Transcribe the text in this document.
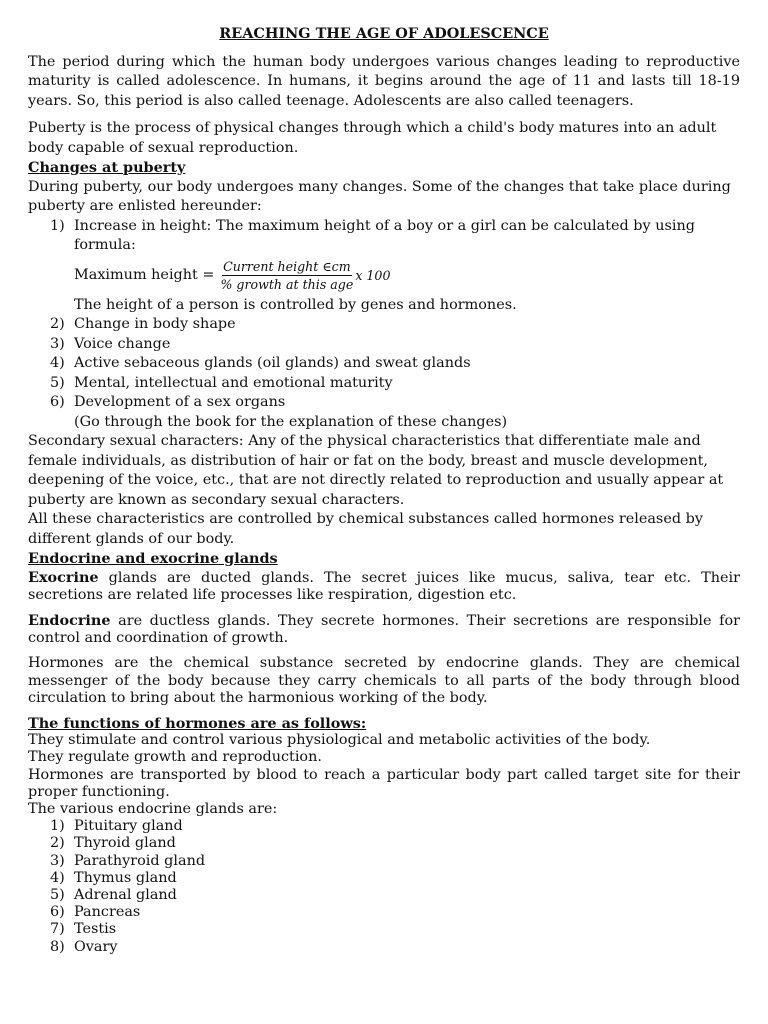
REACHING THE AGE OF ADOLESCENCE

The period during which the human body undergoes various changes leading to reproductive maturity is called adolescence. In humans, it begins around the age of 11 and lasts till 18-19 years. So, this period is also called teenage. Adolescents are also called teenagers.

Puberty is the process of physical changes through which a child's body matures into an adult body capable of sexual reproduction.

Changes at puberty

During puberty, our body undergoes many changes. Some of the changes that take place during puberty are enlisted hereunder:

1) Increase in height: The maximum height of a boy or a girl can be calculated by using formula:
Maximum height = $\frac{\text{Current height ∈cm}}{\text{\% growth at this age}}$ x 100

The height of a person is controlled by genes and hormones.

2) Change in body shape
3) Voice change
4) Active sebaceous glands (oil glands) and sweat glands
5) Mental, intellectual and emotional maturity
6) Development of a sex organs

(Go through the book for the explanation of these changes)

Secondary sexual characters: Any of the physical characteristics that differentiate male and female individuals, as distribution of hair or fat on the body, breast and muscle development, deepening of the voice, etc., that are not directly related to reproduction and usually appear at puberty are known as secondary sexual characters.

All these characteristics are controlled by chemical substances called hormones released by different glands of our body.

Endocrine and exocrine glands

Exocrine glands are ducted glands. The secret juices like mucus, saliva, tear etc. Their secretions are related life processes like respiration, digestion etc.

Endocrine are ductless glands. They secrete hormones. Their secretions are responsible for control and coordination of growth.

Hormones are the chemical substance secreted by endocrine glands. They are chemical messenger of the body because they carry chemicals to all parts of the body through blood circulation to bring about the harmonious working of the body.

The functions of hormones are as follows:

They stimulate and control various physiological and metabolic activities of the body.

They regulate growth and reproduction.

Hormones are transported by blood to reach a particular body part called target site for their proper functioning.

The various endocrine glands are:

1) Pituitary gland
2) Thyroid gland
3) Parathyroid gland
4) Thymus gland
5) Adrenal gland
6) Pancreas
7) Testis
8) Ovary
